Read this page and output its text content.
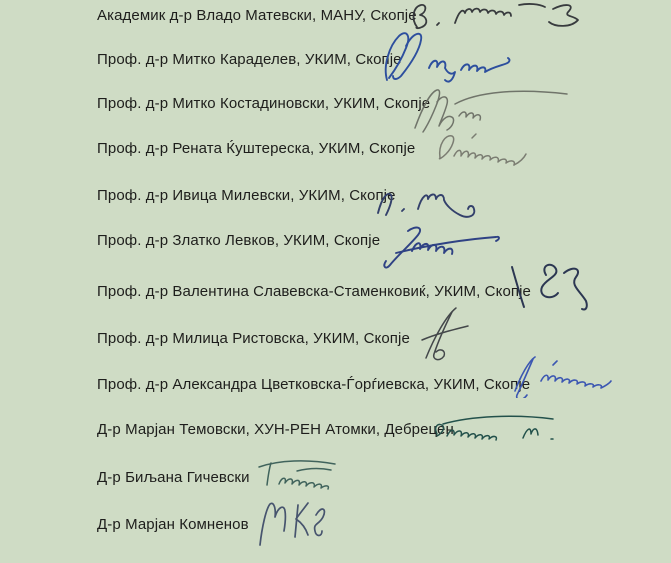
Академик д-р Владо Матевски, МАНУ, Скопје
Проф. д-р Митко Караделев, УКИМ, Скопје
Проф. д-р Митко Костадиновски, УКИМ, Скопје
Проф. д-р Рената Ќуштереска, УКИМ, Скопје
Проф. д-р Ивица Милевски, УКИМ, Скопје
Проф. д-р Златко Левков, УКИМ, Скопје
Проф. д-р Валентина Славевска-Стаменковиќ, УКИМ, Скопје
Проф. д-р Милица Ристовска, УКИМ, Скопје
Проф. д-р Александра Цветковска-Ѓорѓиевска, УКИМ, Скопје
Д-р Марјан Темовски, ХУН-РЕН Атомки, Дебрецен
Д-р Биљана Гичевски
Д-р Марјан Комненов
